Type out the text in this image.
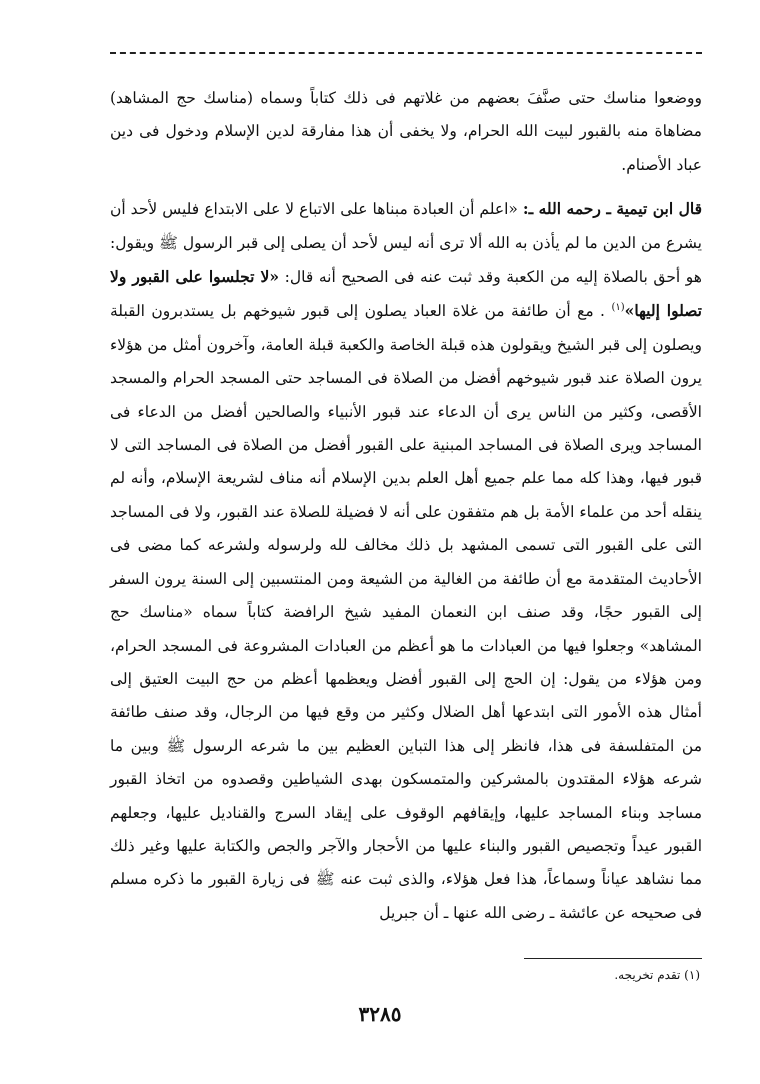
ووضعوا مناسك حتى صنَّفَ بعضهم من غلاتهم فى ذلك كتاباً وسماه (مناسك حج المشاهد) مضاهاة منه بالقبور لبيت الله الحرام، ولا يخفى أن هذا مفارقة لدين الإسلام ودخول فى دين عباد الأصنام.

قال ابن تيمية ـ رحمه الله ـ: «اعلم أن العبادة مبناها على الاتباع لا على الابتداع فليس لأحد أن يشرع من الدين ما لم يأذن به الله ألا ترى أنه ليس لأحد أن يصلى إلى قبر الرسول ﷺ ويقول: هو أحق بالصلاة إليه من الكعبة وقد ثبت عنه فى الصحيح أنه قال: «لا تجلسوا على القبور ولا تصلوا إليها»$^{(١)}$ . مع أن طائفة من غلاة العباد يصلون إلى قبور شيوخهم بل يستدبرون القبلة ويصلون إلى قبر الشيخ ويقولون هذه قبلة الخاصة والكعبة قبلة العامة، وآخرون أمثل من هؤلاء يرون الصلاة عند قبور شيوخهم أفضل من الصلاة فى المساجد حتى المسجد الحرام والمسجد الأقصى، وكثير من الناس يرى أن الدعاء عند قبور الأنبياء والصالحين أفضل من الدعاء فى المساجد ويرى الصلاة فى المساجد المبنية على القبور أفضل من الصلاة فى المساجد التى لا قبور فيها، وهذا كله مما علم جميع أهل العلم بدين الإسلام أنه مناف لشريعة الإسلام، وأنه لم ينقله أحد من علماء الأمة بل هم متفقون على أنه لا فضيلة للصلاة عند القبور، ولا فى المساجد التى على القبور التى تسمى المشهد بل ذلك مخالف لله ولرسوله ولشرعه كما مضى فى الأحاديث المتقدمة مع أن طائفة من الغالية من الشيعة ومن المنتسبين إلى السنة يرون السفر إلى القبور حجًا، وقد صنف ابن النعمان المفيد شيخ الرافضة كتاباً سماه «مناسك حج المشاهد» وجعلوا فيها من العبادات ما هو أعظم من العبادات المشروعة فى المسجد الحرام، ومن هؤلاء من يقول: إن الحج إلى القبور أفضل ويعظمها أعظم من حج البيت العتيق إلى أمثال هذه الأمور التى ابتدعها أهل الضلال وكثير من وقع فيها من الرجال، وقد صنف طائفة من المتفلسفة فى هذا، فانظر إلى هذا التباين العظيم بين ما شرعه الرسول ﷺ وبين ما شرعه هؤلاء المقتدون بالمشركين والمتمسكون بهدى الشياطين وقصدوه من اتخاذ القبور مساجد وبناء المساجد عليها، وإيقافهم الوقوف على إيقاد السرج والقناديل عليها، وجعلهم القبور عيداً وتجصيص القبور والبناء عليها من الأحجار والآجر والجص والكتابة عليها وغير ذلك مما نشاهد عياناً وسماعاً، هذا فعل هؤلاء، والذى ثبت عنه ﷺ فى زيارة القبور ما ذكره مسلم فى صحيحه عن عائشة ـ رضى الله عنها ـ أن جبريل

(١) تقدم تخريجه.
٣٢٨٥
